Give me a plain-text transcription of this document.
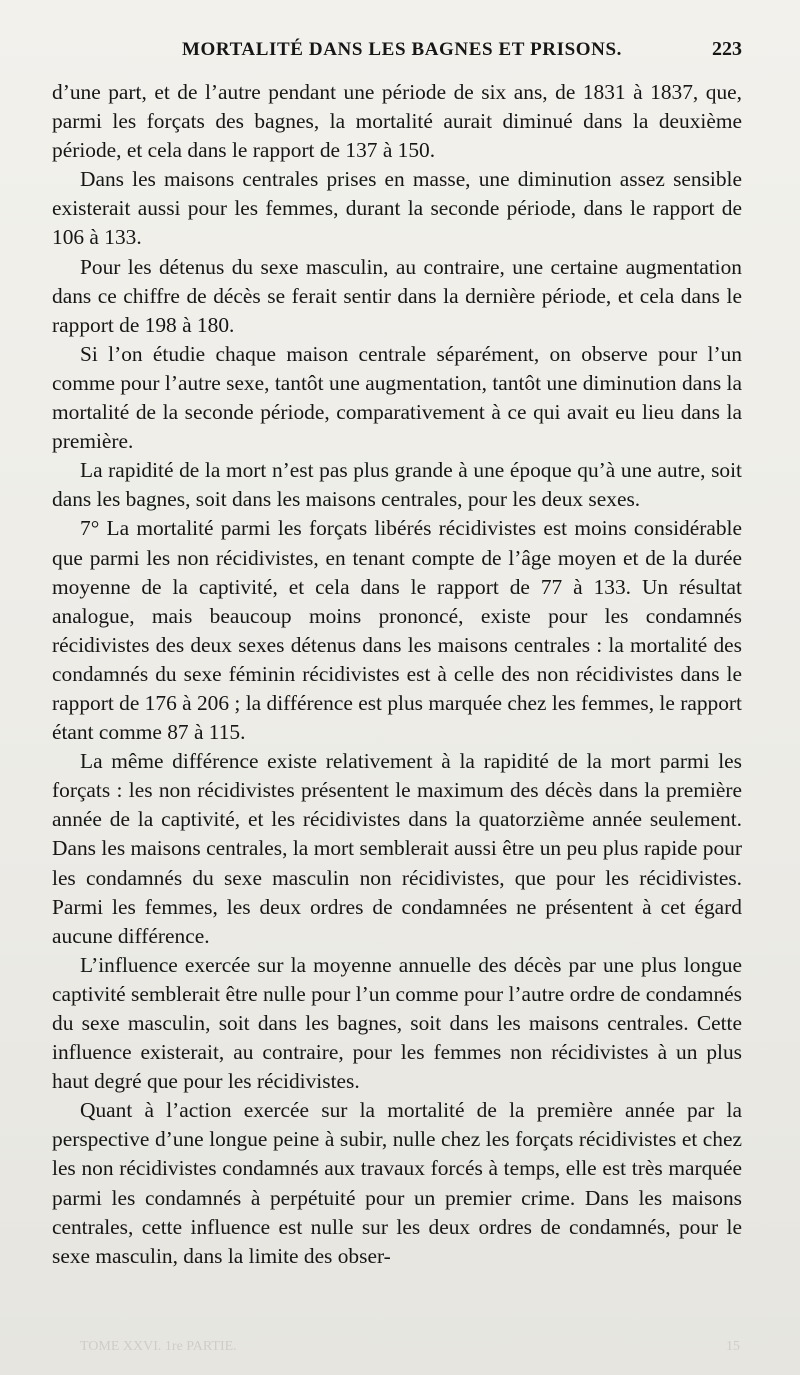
MORTALITÉ DANS LES BAGNES ET PRISONS.	223

d’une part, et de l’autre pendant une période de six ans, de 1831 à 1837, que, parmi les forçats des bagnes, la mortalité aurait diminué dans la deuxième période, et cela dans le rapport de 137 à 150.

Dans les maisons centrales prises en masse, une diminution assez sensible existerait aussi pour les femmes, durant la seconde période, dans le rapport de 106 à 133.

Pour les détenus du sexe masculin, au contraire, une certaine augmentation dans ce chiffre de décès se ferait sentir dans la dernière période, et cela dans le rapport de 198 à 180.

Si l’on étudie chaque maison centrale séparément, on observe pour l’un comme pour l’autre sexe, tantôt une augmentation, tantôt une diminution dans la mortalité de la seconde période, comparativement à ce qui avait eu lieu dans la première.

La rapidité de la mort n’est pas plus grande à une époque qu’à une autre, soit dans les bagnes, soit dans les maisons centrales, pour les deux sexes.

7° La mortalité parmi les forçats libérés récidivistes est moins considérable que parmi les non récidivistes, en tenant compte de l’âge moyen et de la durée moyenne de la captivité, et cela dans le rapport de 77 à 133. Un résultat analogue, mais beaucoup moins prononcé, existe pour les condamnés récidivistes des deux sexes détenus dans les maisons centrales : la mortalité des condamnés du sexe féminin récidivistes est à celle des non récidivistes dans le rapport de 176 à 206 ; la différence est plus marquée chez les femmes, le rapport étant comme 87 à 115.

La même différence existe relativement à la rapidité de la mort parmi les forçats : les non récidivistes présentent le maximum des décès dans la première année de la captivité, et les récidivistes dans la quatorzième année seulement. Dans les maisons centrales, la mort semblerait aussi être un peu plus rapide pour les condamnés du sexe masculin non récidivistes, que pour les récidivistes. Parmi les femmes, les deux ordres de condamnées ne présentent à cet égard aucune différence.

L’influence exercée sur la moyenne annuelle des décès par une plus longue captivité semblerait être nulle pour l’un comme pour l’autre ordre de condamnés du sexe masculin, soit dans les bagnes, soit dans les maisons centrales. Cette influence existerait, au contraire, pour les femmes non récidivistes à un plus haut degré que pour les récidivistes.

Quant à l’action exercée sur la mortalité de la première année par la perspective d’une longue peine à subir, nulle chez les forçats récidivistes et chez les non récidivistes condamnés aux travaux forcés à temps, elle est très marquée parmi les condamnés à perpétuité pour un premier crime. Dans les maisons centrales, cette influence est nulle sur les deux ordres de condamnés, pour le sexe masculin, dans la limite des obser-

TOME XXVI. 1re PARTIE.	15
